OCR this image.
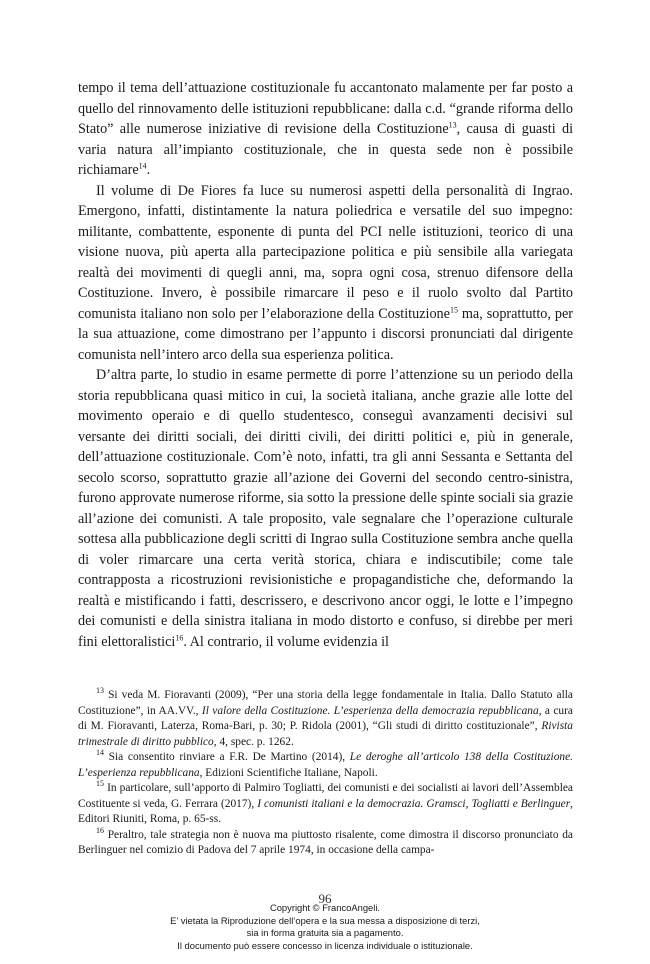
tempo il tema dell’attuazione costituzionale fu accantonato malamente per far posto a quello del rinnovamento delle istituzioni repubblicane: dalla c.d. “grande riforma dello Stato” alle numerose iniziative di revisione della Costituzione$^{13}$, causa di guasti di varia natura all’impianto costituzionale, che in questa sede non è possibile richiamare$^{14}$.

Il volume di De Fiores fa luce su numerosi aspetti della personalità di Ingrao. Emergono, infatti, distintamente la natura poliedrica e versatile del suo impegno: militante, combattente, esponente di punta del PCI nelle istituzioni, teorico di una visione nuova, più aperta alla partecipazione politica e più sensibile alla variegata realtà dei movimenti di quegli anni, ma, sopra ogni cosa, strenuo difensore della Costituzione. Invero, è possibile rimarcare il peso e il ruolo svolto dal Partito comunista italiano non solo per l’elaborazione della Costituzione$^{15}$ ma, soprattutto, per la sua attuazione, come dimostrano per l’appunto i discorsi pronunciati dal dirigente comunista nell’intero arco della sua esperienza politica.

D’altra parte, lo studio in esame permette di porre l’attenzione su un periodo della storia repubblicana quasi mitico in cui, la società italiana, anche grazie alle lotte del movimento operaio e di quello studentesco, conseguì avanzamenti decisivi sul versante dei diritti sociali, dei diritti civili, dei diritti politici e, più in generale, dell’attuazione costituzionale. Com’è noto, infatti, tra gli anni Sessanta e Settanta del secolo scorso, soprattutto grazie all’azione dei Governi del secondo centro-sinistra, furono approvate numerose riforme, sia sotto la pressione delle spinte sociali sia grazie all’azione dei comunisti. A tale proposito, vale segnalare che l’operazione culturale sottesa alla pubblicazione degli scritti di Ingrao sulla Costituzione sembra anche quella di voler rimarcare una certa verità storica, chiara e indiscutibile; come tale contrapposta a ricostruzioni revisionistiche e propagandistiche che, deformando la realtà e mistificando i fatti, descrissero, e descrivono ancor oggi, le lotte e l’impegno dei comunisti e della sinistra italiana in modo distorto e confuso, si direbbe per meri fini elettoralistici$^{16}$. Al contrario, il volume evidenzia il

$^{13}$ Si veda M. Fioravanti (2009), “Per una storia della legge fondamentale in Italia. Dallo Statuto alla Costituzione”, in AA.VV., Il valore della Costituzione. L’esperienza della democrazia repubblicana, a cura di M. Fioravanti, Laterza, Roma-Bari, p. 30; P. Ridola (2001), “Gli studi di diritto costituzionale”, Rivista trimestrale di diritto pubblico, 4, spec. p. 1262.

$^{14}$ Sia consentito rinviare a F.R. De Martino (2014), Le deroghe all’articolo 138 della Costituzione. L’esperienza repubblicana, Edizioni Scientifiche Italiane, Napoli.

$^{15}$ In particolare, sull’apporto di Palmiro Togliatti, dei comunisti e dei socialisti ai lavori dell’Assemblea Costituente si veda, G. Ferrara (2017), I comunisti italiani e la democrazia. Gramsci, Togliatti e Berlinguer, Editori Riuniti, Roma, p. 65-ss.

$^{16}$ Peraltro, tale strategia non è nuova ma piuttosto risalente, come dimostra il discorso pronunciato da Berlinguer nel comizio di Padova del 7 aprile 1974, in occasione della campa-

96
Copyright © FrancoAngeli.
E’ vietata la Riproduzione dell’opera e la sua messa a disposizione di terzi,
sia in forma gratuita sia a pagamento.
Il documento può essere concesso in licenza individuale o istituzionale.
